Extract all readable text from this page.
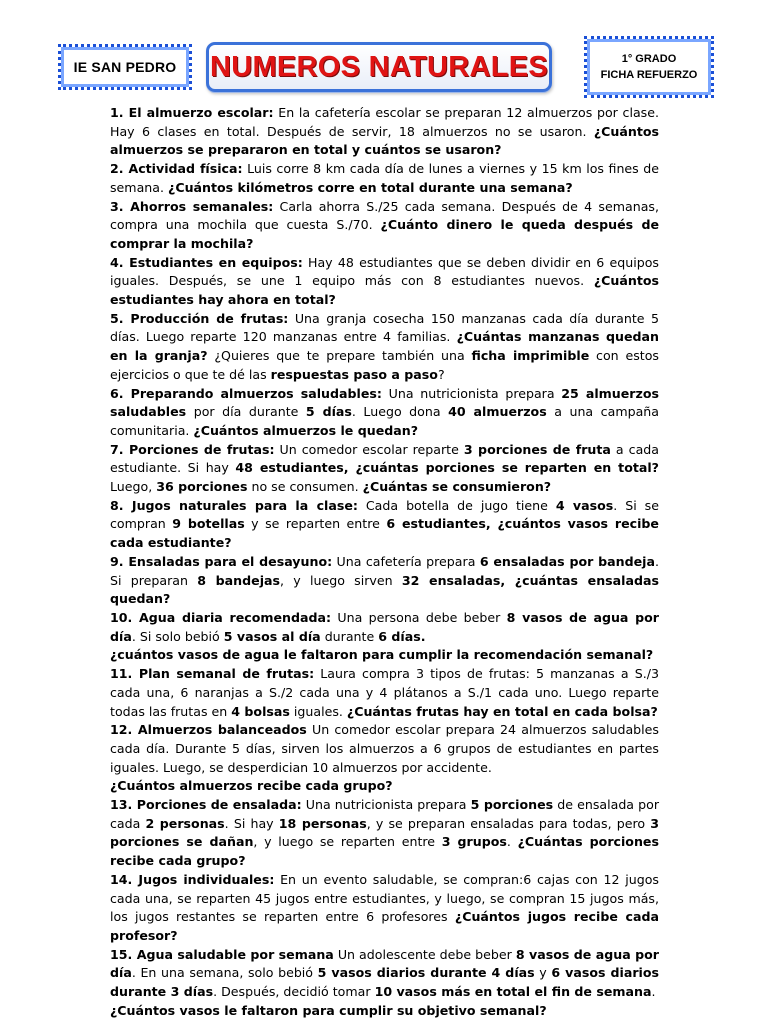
IE SAN PEDRO NUMEROS NATURALES	1° GRADO
FICHA REFUERZO

1. El almuerzo escolar: En la cafetería escolar se preparan 12 almuerzos por clase. Hay 6 clases en total. Después de servir, 18 almuerzos no se usaron. ¿Cuántos almuerzos se prepararon en total y cuántos se usaron?

2. Actividad física: Luis corre 8 km cada día de lunes a viernes y 15 km los fines de semana. ¿Cuántos kilómetros corre en total durante una semana?

3. Ahorros semanales: Carla ahorra S./25 cada semana. Después de 4 semanas, compra una mochila que cuesta S./70. ¿Cuánto dinero le queda después de comprar la mochila?

4. Estudiantes en equipos: Hay 48 estudiantes que se deben dividir en 6 equipos iguales. Después, se une 1 equipo más con 8 estudiantes nuevos. ¿Cuántos estudiantes hay ahora en total?

5. Producción de frutas: Una granja cosecha 150 manzanas cada día durante 5 días. Luego reparte 120 manzanas entre 4 familias. ¿Cuántas manzanas quedan en la granja? ¿Quieres que te prepare también una ficha imprimible con estos ejercicios o que te dé las respuestas paso a paso?

6. Preparando almuerzos saludables: Una nutricionista prepara 25 almuerzos saludables por día durante 5 días. Luego dona 40 almuerzos a una campaña comunitaria. ¿Cuántos almuerzos le quedan?

7. Porciones de frutas: Un comedor escolar reparte 3 porciones de fruta a cada estudiante. Si hay 48 estudiantes, ¿cuántas porciones se reparten en total? Luego, 36 porciones no se consumen. ¿Cuántas se consumieron?

8. Jugos naturales para la clase: Cada botella de jugo tiene 4 vasos. Si se compran 9 botellas y se reparten entre 6 estudiantes, ¿cuántos vasos recibe cada estudiante?

9. Ensaladas para el desayuno: Una cafetería prepara 6 ensaladas por bandeja. Si preparan 8 bandejas, y luego sirven 32 ensaladas, ¿cuántas ensaladas quedan?

10. Agua diaria recomendada: Una persona debe beber 8 vasos de agua por día. Si solo bebió 5 vasos al día durante 6 días.
¿cuántos vasos de agua le faltaron para cumplir la recomendación semanal?

11. Plan semanal de frutas: Laura compra 3 tipos de frutas: 5 manzanas a S./3 cada una, 6 naranjas a S./2 cada una y 4 plátanos a S./1 cada uno. Luego reparte todas las frutas en 4 bolsas iguales. ¿Cuántas frutas hay en total en cada bolsa?

12. Almuerzos balanceados Un comedor escolar prepara 24 almuerzos saludables cada día. Durante 5 días, sirven los almuerzos a 6 grupos de estudiantes en partes iguales. Luego, se desperdician 10 almuerzos por accidente.
¿Cuántos almuerzos recibe cada grupo?

13. Porciones de ensalada: Una nutricionista prepara 5 porciones de ensalada por cada 2 personas. Si hay 18 personas, y se preparan ensaladas para todas, pero 3 porciones se dañan, y luego se reparten entre 3 grupos. ¿Cuántas porciones recibe cada grupo?

14. Jugos individuales: En un evento saludable, se compran:6 cajas con 12 jugos cada una, se reparten 45 jugos entre estudiantes, y luego, se compran 15 jugos más, los jugos restantes se reparten entre 6 profesores ¿Cuántos jugos recibe cada profesor?

15. Agua saludable por semana Un adolescente debe beber 8 vasos de agua por día. En una semana, solo bebió 5 vasos diarios durante 4 días y 6 vasos diarios durante 3 días. Después, decidió tomar 10 vasos más en total el fin de semana.
¿Cuántos vasos le faltaron para cumplir su objetivo semanal?
